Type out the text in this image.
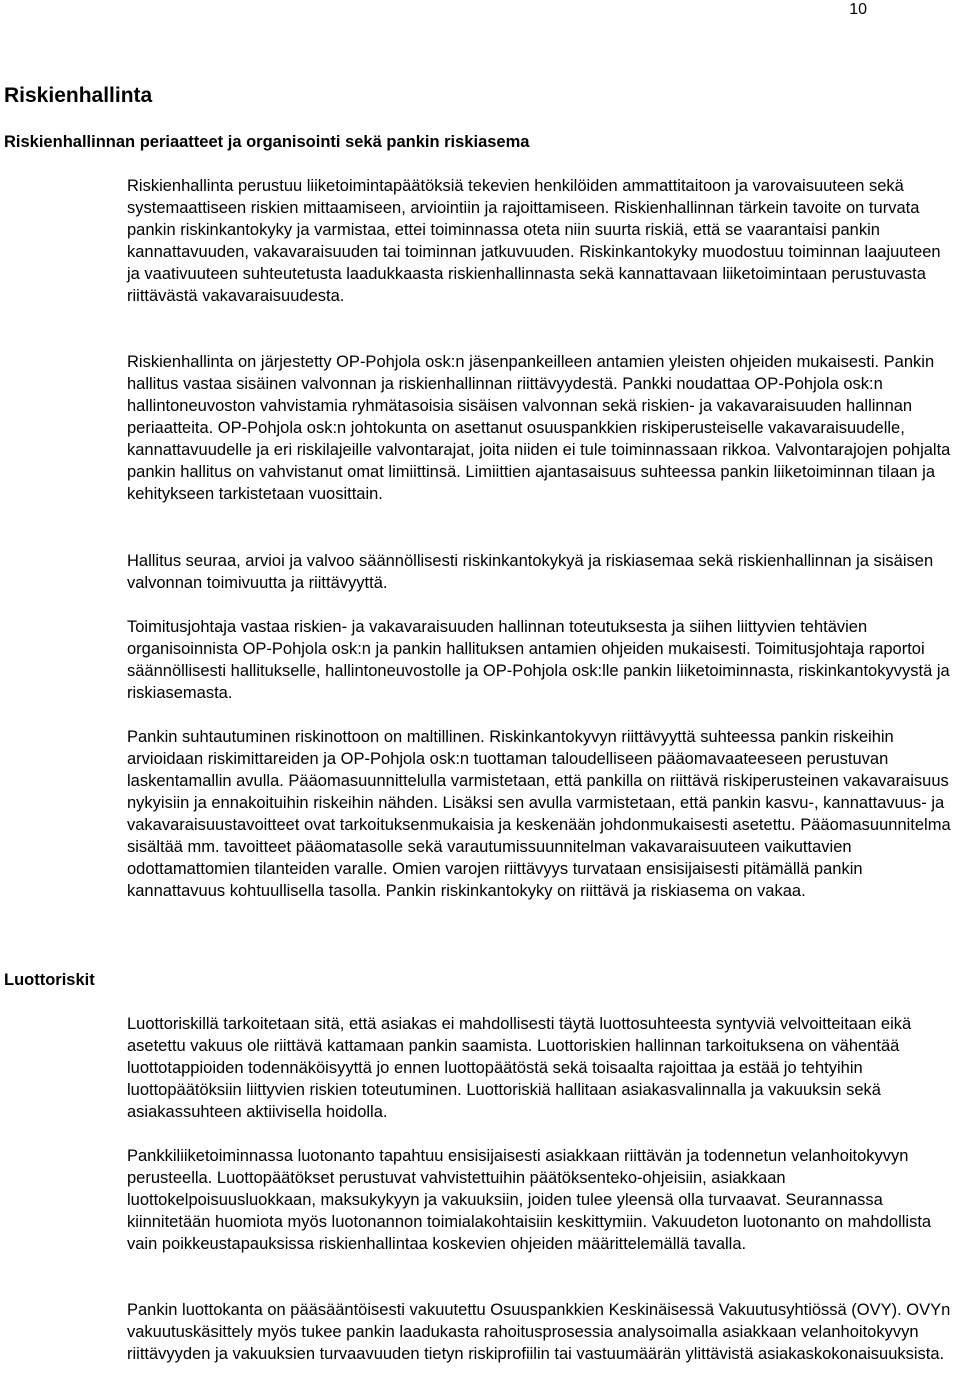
10
Riskienhallinta
Riskienhallinnan periaatteet ja organisointi sekä pankin riskiasema

Riskienhallinta perustuu liiketoimintapäätöksiä tekevien henkilöiden ammattitaitoon ja varovaisuuteen sekä systemaattiseen riskien mittaamiseen, arviointiin ja rajoittamiseen. Riskienhallinnan tärkein tavoite on turvata pankin riskinkantokyky ja varmistaa, ettei toiminnassa oteta niin suurta riskiä, että se vaarantaisi pankin kannattavuuden, vakavaraisuuden tai toiminnan jatkuvuuden. Riskinkantokyky muodostuu toiminnan laajuuteen ja vaativuuteen suhteutetusta laadukkaasta riskienhallinnasta sekä kannattavaan liiketoimintaan perustuvasta riittävästä vakavaraisuudesta.

Riskienhallinta on järjestetty OP-Pohjola osk:n jäsenpankeilleen antamien yleisten ohjeiden mukaisesti. Pankin hallitus vastaa sisäinen valvonnan ja riskienhallinnan riittävyydestä. Pankki noudattaa OP-Pohjola osk:n hallintoneuvoston vahvistamia ryhmätasoisia sisäisen valvonnan sekä riskien- ja vakavaraisuuden hallinnan periaatteita. OP-Pohjola osk:n johtokunta on asettanut osuuspankkien riskiperusteiselle vakavaraisuudelle, kannattavuudelle ja eri riskilajeille valvontarajat, joita niiden ei tule toiminnassaan rikkoa. Valvontarajojen pohjalta pankin hallitus on vahvistanut omat limiittinsä. Limiittien ajantasaisuus suhteessa pankin liiketoiminnan tilaan ja kehitykseen tarkistetaan vuosittain.

Hallitus seuraa, arvioi ja valvoo säännöllisesti riskinkantokykyä ja riskiasemaa sekä riskienhallinnan ja sisäisen valvonnan toimivuutta ja riittävyyttä.

Toimitusjohtaja vastaa riskien- ja vakavaraisuuden hallinnan toteutuksesta ja siihen liittyvien tehtävien organisoinnista OP-Pohjola osk:n ja pankin hallituksen antamien ohjeiden mukaisesti. Toimitusjohtaja raportoi säännöllisesti hallitukselle, hallintoneuvostolle ja OP-Pohjola osk:lle pankin liiketoiminnasta, riskinkantokyvystä ja riskiasemasta.

Pankin suhtautuminen riskinottoon on maltillinen. Riskinkantokyvyn riittävyyttä suhteessa pankin riskeihin arvioidaan riskimittareiden ja OP-Pohjola osk:n tuottaman taloudelliseen pääomavaateeseen perustuvan laskentamallin avulla. Pääomasuunnittelulla varmistetaan, että pankilla on riittävä riskiperusteinen vakavaraisuus nykyisiin ja ennakoituihin riskeihin nähden. Lisäksi sen avulla varmistetaan, että pankin kasvu-, kannattavuus- ja vakavaraisuustavoitteet ovat tarkoituksenmukaisia ja keskenään johdonmukaisesti asetettu. Pääomasuunnitelma sisältää mm. tavoitteet pääomatasolle sekä varautumissuunnitelman vakavaraisuuteen vaikuttavien odottamattomien tilanteiden varalle. Omien varojen riittävyys turvataan ensisijaisesti pitämällä pankin kannattavuus kohtuullisella tasolla. Pankin riskinkantokyky on riittävä ja riskiasema on vakaa.

Luottoriskit

Luottoriskillä tarkoitetaan sitä, että asiakas ei mahdollisesti täytä luottosuhteesta syntyviä velvoitteitaan eikä asetettu vakuus ole riittävä kattamaan pankin saamista. Luottoriskien hallinnan tarkoituksena on vähentää luottotappioiden todennäköisyyttä jo ennen luottopäätöstä sekä toisaalta rajoittaa ja estää jo tehtyihin luottopäätöksiin liittyvien riskien toteutuminen. Luottoriskiä hallitaan asiakasvalinnalla ja vakuuksin sekä asiakassuhteen aktiivisella hoidolla.

Pankkiliiketoiminnassa luotonanto tapahtuu ensisijaisesti asiakkaan riittävän ja todennetun velanhoitokyvyn perusteella. Luottopäätökset perustuvat vahvistettuihin päätöksenteko-ohjeisiin, asiakkaan luottokelpoisuusluokkaan, maksukykyyn ja vakuuksiin, joiden tulee yleensä olla turvaavat. Seurannassa kiinnitetään huomiota myös luotonannon toimialakohtaisiin keskittymiin. Vakuudeton luotonanto on mahdollista vain poikkeustapauksissa riskienhallintaa koskevien ohjeiden määrittelemällä tavalla.

Pankin luottokanta on pääsääntöisesti vakuutettu Osuuspankkien Keskinäisessä Vakuutusyhtiössä (OVY). OVYn vakuutuskäsittely myös tukee pankin laadukasta rahoitusprosessia analysoimalla asiakkaan velanhoitokyvyn riittävyyden ja vakuuksien turvaavuuden tietyn riskiprofiilin tai vastuumäärän ylittävistä asiakaskokonaisuuksista.
